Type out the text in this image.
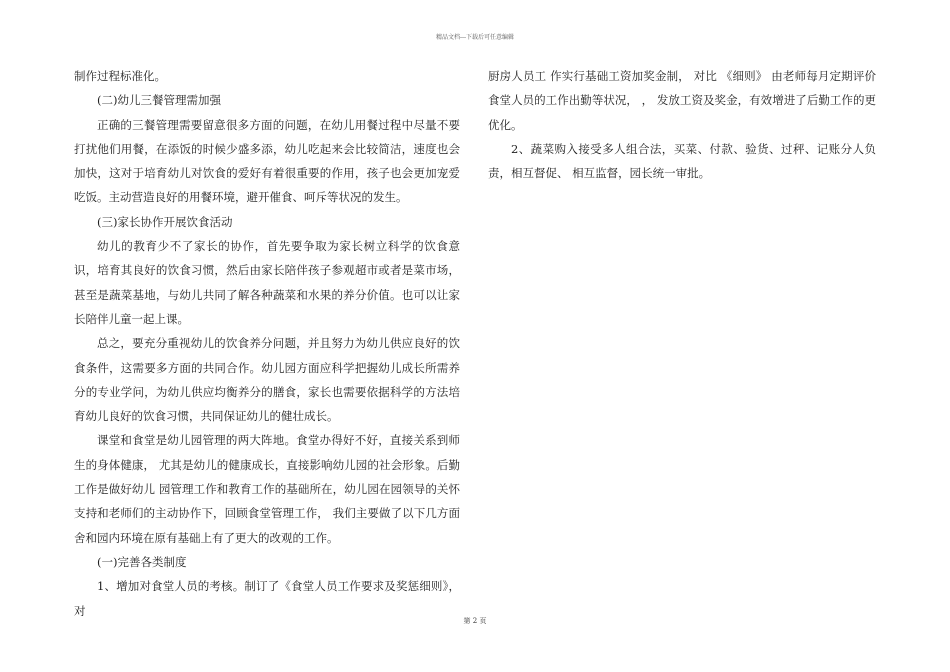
精品文档---下载后可任意编辑

制作过程标准化。

(二)幼儿三餐管理需加强

正确的三餐管理需要留意很多方面的问题，在幼儿用餐过程中尽量不要打扰他们用餐，在添饭的时候少盛多添，幼儿吃起来会比较简洁，速度也会加快，这对于培育幼儿对饮食的爱好有着很重要的作用，孩子也会更加宠爱吃饭。主动营造良好的用餐环境，避开催食、呵斥等状况的发生。

(三)家长协作开展饮食活动

幼儿的教育少不了家长的协作，首先要争取为家长树立科学的饮食意识，培育其良好的饮食习惯，然后由家长陪伴孩子参观超市或者是菜市场，甚至是蔬菜基地，与幼儿共同了解各种蔬菜和水果的养分价值。也可以让家长陪伴儿童一起上课。

总之，要充分重视幼儿的饮食养分问题，并且努力为幼儿供应良好的饮食条件，这需要多方面的共同合作。幼儿园方面应科学把握幼儿成长所需养分的专业学问，为幼儿供应均衡养分的膳食，家长也需要依据科学的方法培育幼儿良好的饮食习惯，共同保证幼儿的健壮成长。

课堂和食堂是幼儿园管理的两大阵地。食堂办得好不好，直接关系到师生的身体健康， 尤其是幼儿的健康成长，直接影响幼儿园的社会形象。后勤工作是做好幼儿 园管理工作和教育工作的基础所在，幼儿园在园领导的关怀支持和老师们的主动协作下，回顾食堂管理工作， 我们主要做了以下几方面舍和园内环境在原有基础上有了更大的改观的工作。

(一)完善各类制度

1、增加对食堂人员的考核。制订了《食堂人员工作要求及奖惩细则》，对

厨房人员工 作实行基础工资加奖金制， 对比 《细则》 由老师每月定期评价食堂人员的工作出勤等状况， ， 发放工资及奖金，有效增进了后勤工作的更优化。

2、蔬菜购入接受多人组合法，买菜、付款、验货、过秤、记账分人负责，相互督促、 相互监督，园长统一审批。

第 2 页
